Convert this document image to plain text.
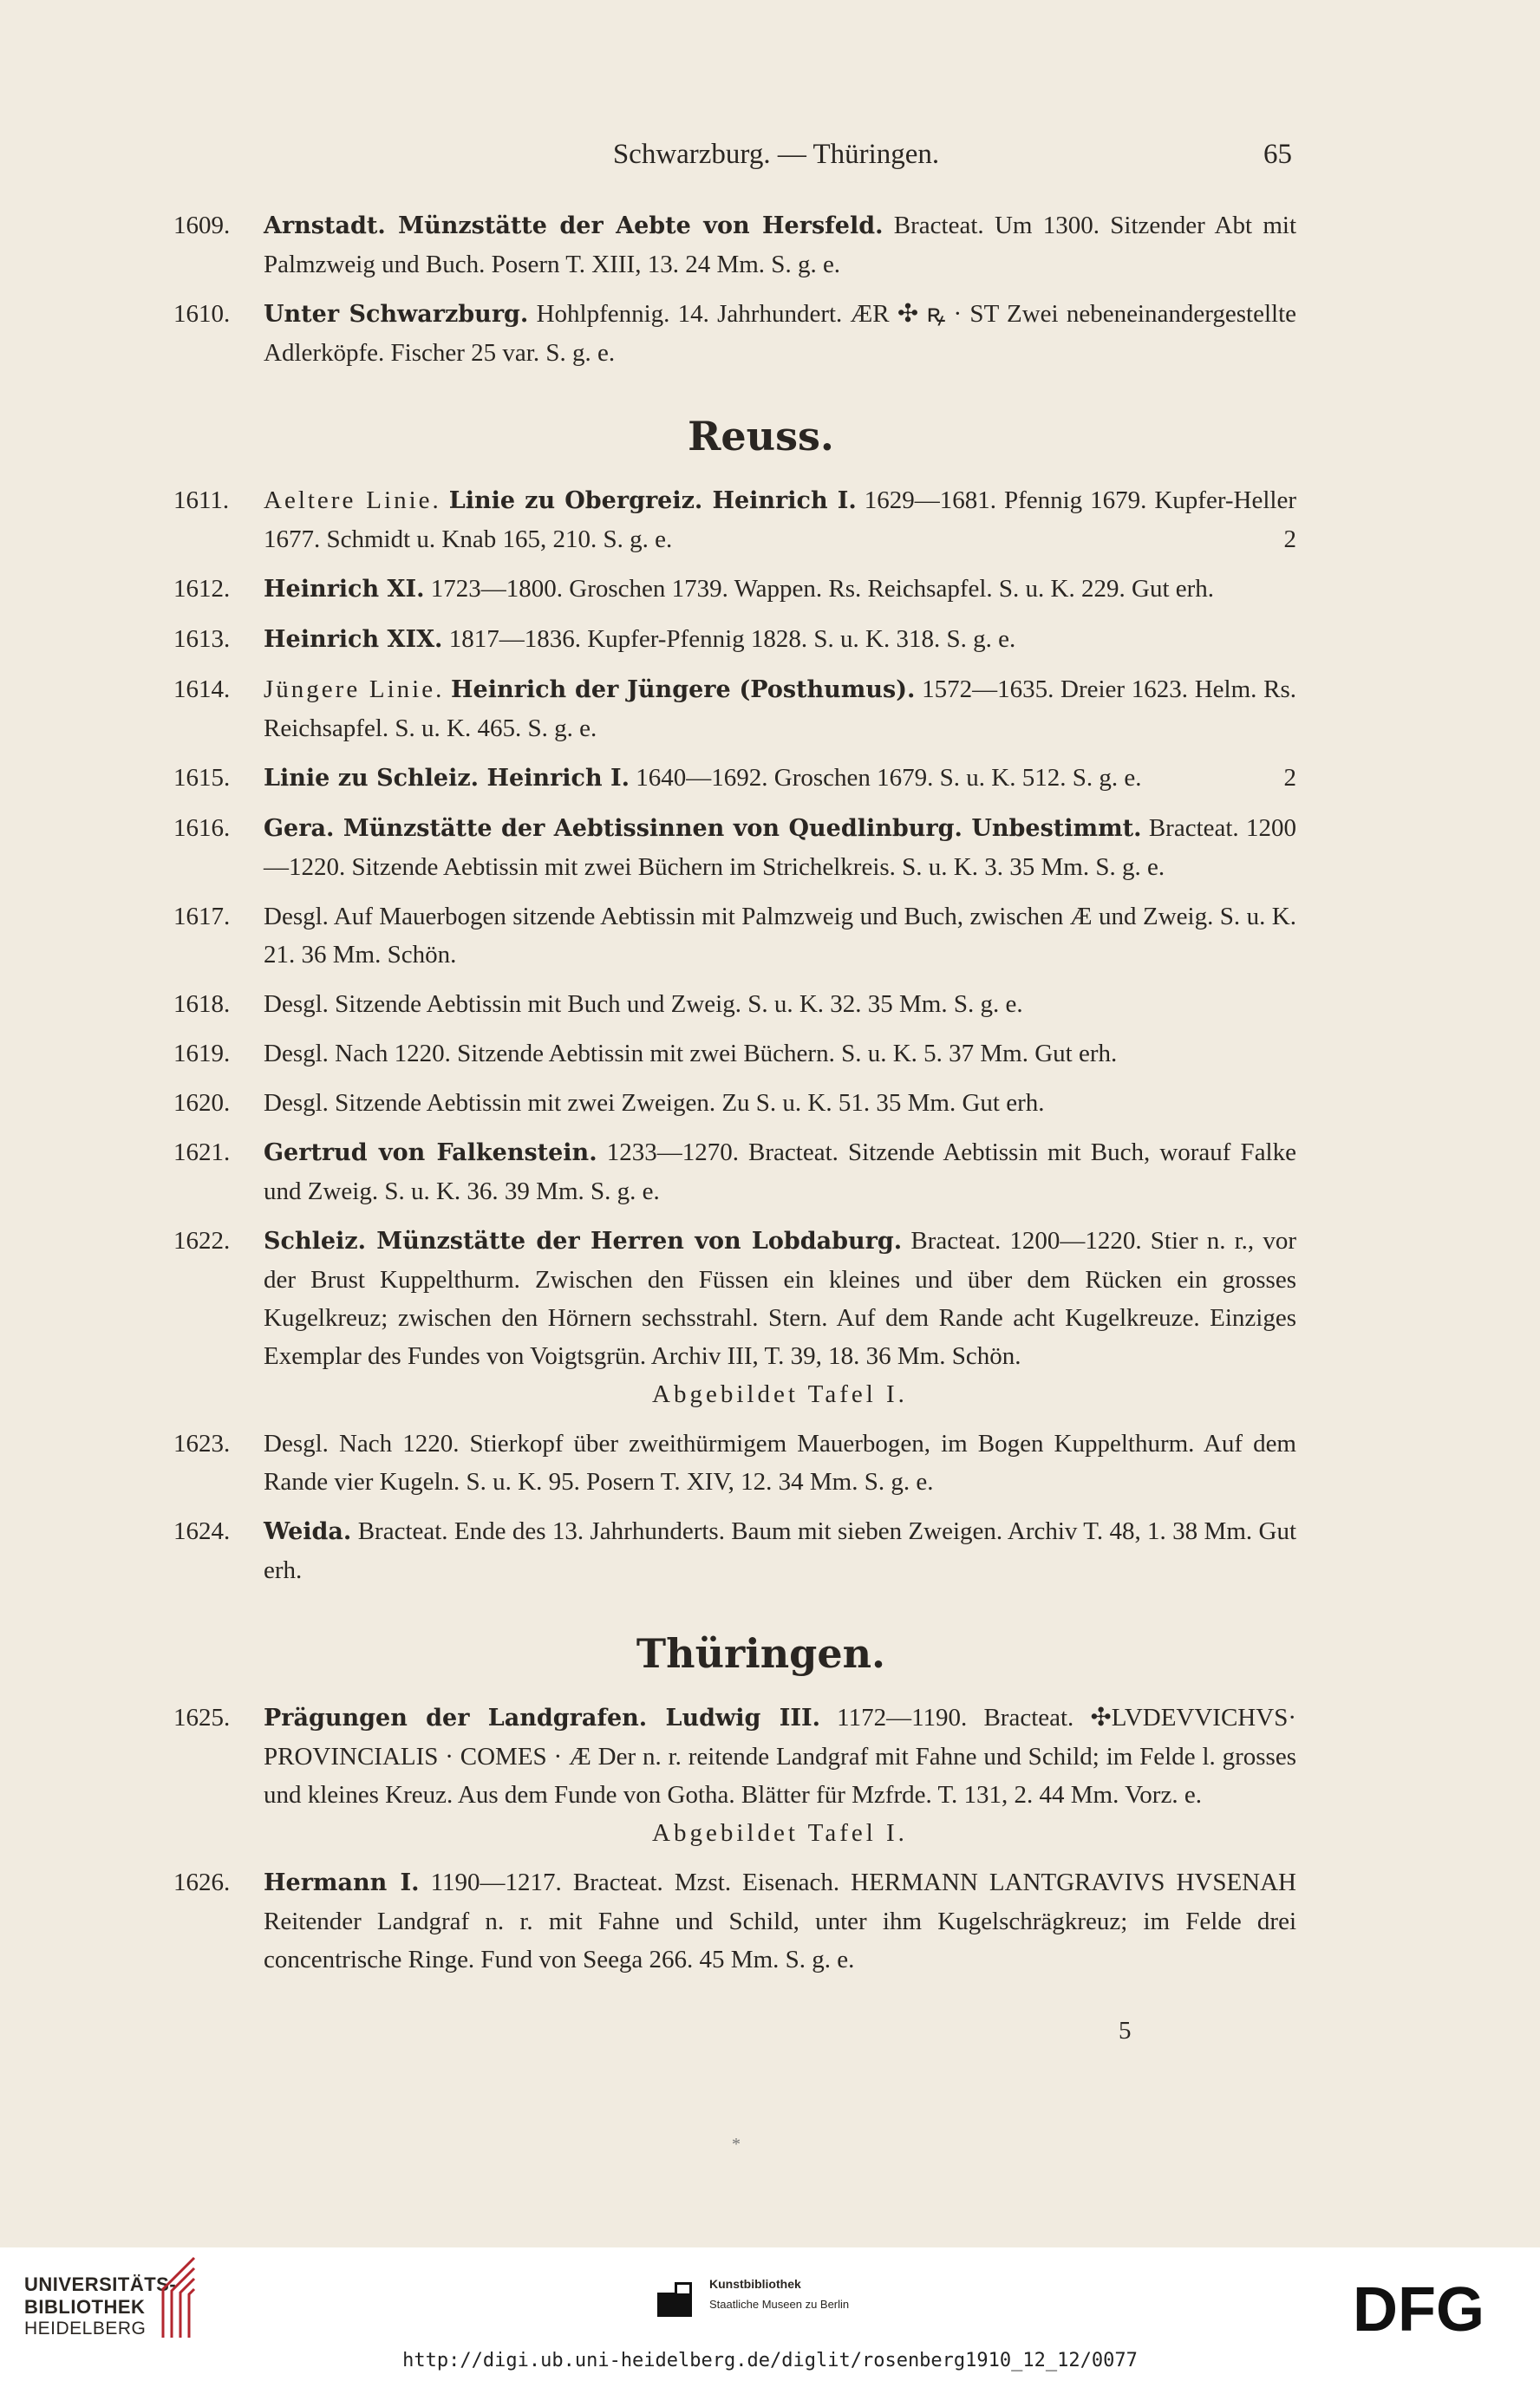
Schwarzburg. — Thüringen.	65
1609. Arnstadt. Münzstätte der Aebte von Hersfeld. Bracteat. Um 1300. Sitzender Abt mit Palmzweig und Buch. Posern T. XIII, 13. 24 Mm. S. g. e.
1610. Unter Schwarzburg. Hohlpfennig. 14. Jahrhundert. ÆR ✣ ꝶ · ST Zwei nebeneinandergestellte Adlerköpfe. Fischer 25 var. S. g. e.
Reuss.
1611. Aeltere Linie. Linie zu Obergreiz. Heinrich I. 1629—1681. Pfennig 1679. Kupfer-Heller 1677. Schmidt u. Knab 165, 210. S. g. e.	2
1612. Heinrich XI. 1723—1800. Groschen 1739. Wappen. Rs. Reichsapfel. S. u. K. 229. Gut erh.
1613. Heinrich XIX. 1817—1836. Kupfer-Pfennig 1828. S. u. K. 318. S. g. e.
1614. Jüngere Linie. Heinrich der Jüngere (Posthumus). 1572—1635. Dreier 1623. Helm. Rs. Reichsapfel. S. u. K. 465. S. g. e.
1615. Linie zu Schleiz. Heinrich I. 1640—1692. Groschen 1679. S. u. K. 512. S. g. e.	2
1616. Gera. Münzstätte der Aebtissinnen von Quedlinburg. Unbestimmt. Bracteat. 1200—1220. Sitzende Aebtissin mit zwei Büchern im Strichelkreis. S. u. K. 3. 35 Mm. S. g. e.
1617. Desgl. Auf Mauerbogen sitzende Aebtissin mit Palmzweig und Buch, zwischen Æ und Zweig. S. u. K. 21. 36 Mm. Schön.
1618. Desgl. Sitzende Aebtissin mit Buch und Zweig. S. u. K. 32. 35 Mm. S. g. e.
1619. Desgl. Nach 1220. Sitzende Aebtissin mit zwei Büchern. S. u. K. 5. 37 Mm. Gut erh.
1620. Desgl. Sitzende Aebtissin mit zwei Zweigen. Zu S. u. K. 51. 35 Mm. Gut erh.
1621. Gertrud von Falkenstein. 1233—1270. Bracteat. Sitzende Aebtissin mit Buch, worauf Falke und Zweig. S. u. K. 36. 39 Mm. S. g. e.
1622. Schleiz. Münzstätte der Herren von Lobdaburg. Bracteat. 1200—1220. Stier n. r., vor der Brust Kuppelthurm. Zwischen den Füssen ein kleines und über dem Rücken ein grosses Kugelkreuz; zwischen den Hörnern sechsstrahl. Stern. Auf dem Rande acht Kugelkreuze. Einziges Exemplar des Fundes von Voigtsgrün. Archiv III, T. 39, 18. 36 Mm. Schön.
Abgebildet Tafel I.
1623. Desgl. Nach 1220. Stierkopf über zweithürmigem Mauerbogen, im Bogen Kuppelthurm. Auf dem Rande vier Kugeln. S. u. K. 95. Posern T. XIV, 12. 34 Mm. S. g. e.
1624. Weida. Bracteat. Ende des 13. Jahrhunderts. Baum mit sieben Zweigen. Archiv T. 48, 1. 38 Mm. Gut erh.
Thüringen.
1625. Prägungen der Landgrafen. Ludwig III. 1172—1190. Bracteat. ✣LVDEVVICHVS· PROVINCIALIS · COMES · Æ Der n. r. reitende Landgraf mit Fahne und Schild; im Felde l. grosses und kleines Kreuz. Aus dem Funde von Gotha. Blätter für Mzfrde. T. 131, 2. 44 Mm. Vorz. e.
Abgebildet Tafel I.
1626. Hermann I. 1190—1217. Bracteat. Mzst. Eisenach. HERMANN LANTGRAVIVS HVSENAH Reitender Landgraf n. r. mit Fahne und Schild, unter ihm Kugelschrägkreuz; im Felde drei concentrische Ringe. Fund von Seega 266. 45 Mm. S. g. e.
5
*
UNIVERSITÄTS-
BIBLIOTHEK
HEIDELBERG
Kunstbibliothek
Staatliche Museen zu Berlin	DFG
http://digi.ub.uni-heidelberg.de/diglit/rosenberg1910_12_12/0077
